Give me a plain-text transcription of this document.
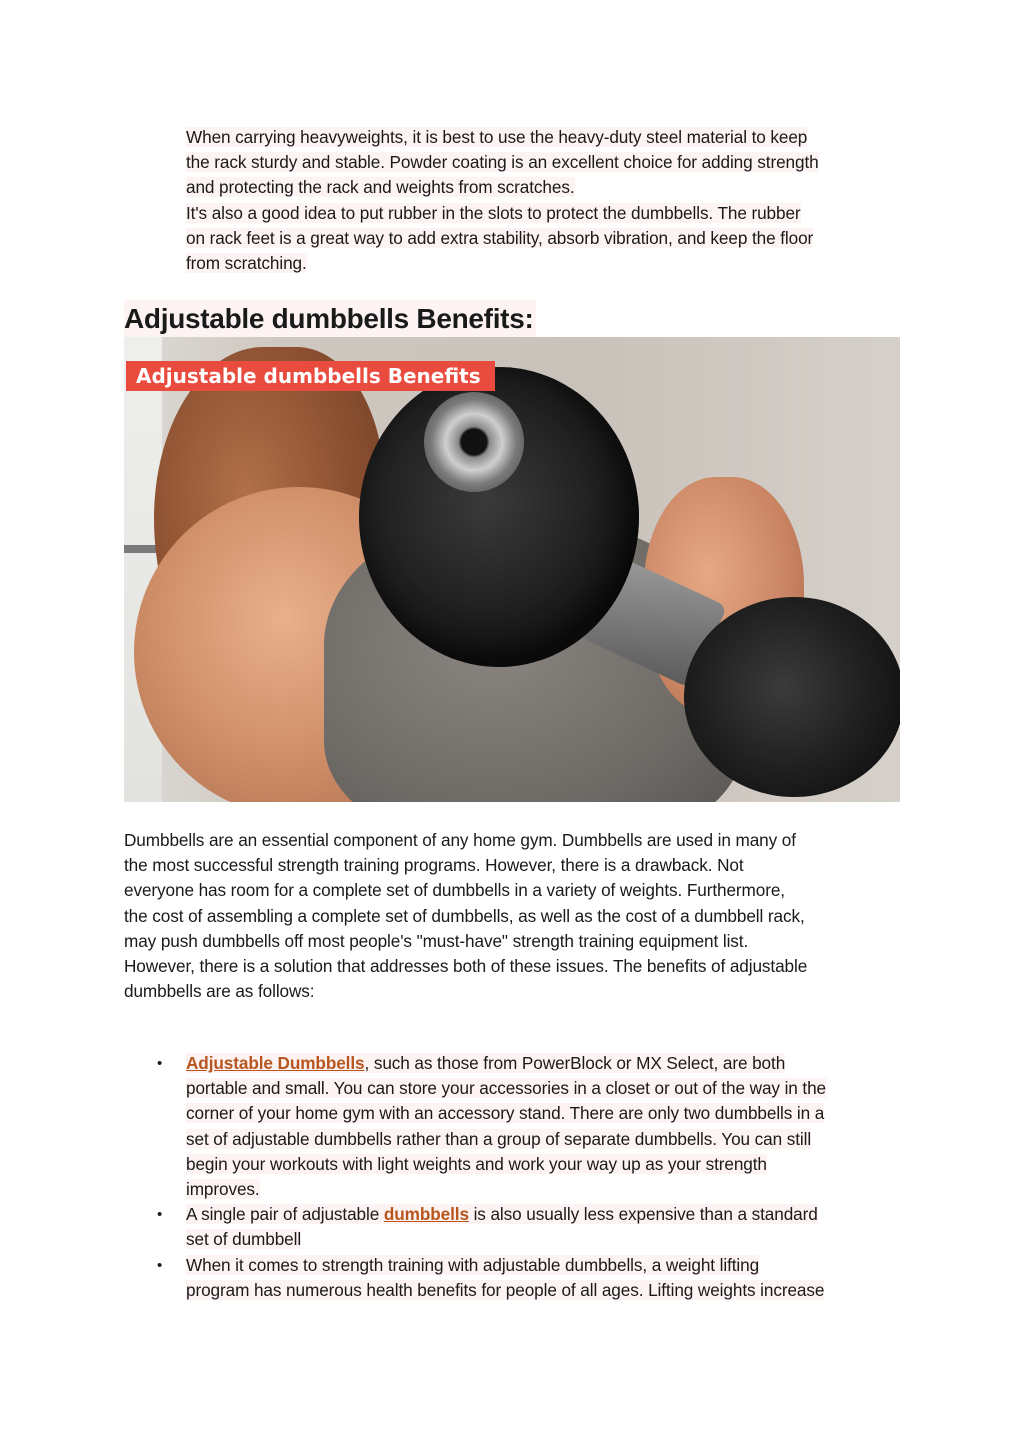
When carrying heavyweights, it is best to use the heavy-duty steel material to keep

the rack sturdy and stable. Powder coating is an excellent choice for adding strength

and protecting the rack and weights from scratches.

It's also a good idea to put rubber in the slots to protect the dumbbells. The rubber

on rack feet is a great way to add extra stability, absorb vibration, and keep the floor

from scratching.

Adjustable dumbbells Benefits:
Adjustable dumbbells Benefits
Dumbbells are an essential component of any home gym. Dumbbells are used in many of
the most successful strength training programs. However, there is a drawback. Not
everyone has room for a complete set of dumbbells in a variety of weights. Furthermore,
the cost of assembling a complete set of dumbbells, as well as the cost of a dumbbell rack,
may push dumbbells off most people's "must-have" strength training equipment list.
However, there is a solution that addresses both of these issues. The benefits of adjustable
dumbbells are as follows:
• Adjustable Dumbbells, such as those from PowerBlock or MX Select, are both
portable and small. You can store your accessories in a closet or out of the way in the
corner of your home gym with an accessory stand. There are only two dumbbells in a
set of adjustable dumbbells rather than a group of separate dumbbells. You can still
begin your workouts with light weights and work your way up as your strength
improves.
• A single pair of adjustable dumbbells is also usually less expensive than a standard
set of dumbbell
• When it comes to strength training with adjustable dumbbells, a weight lifting
program has numerous health benefits for people of all ages. Lifting weights increase
